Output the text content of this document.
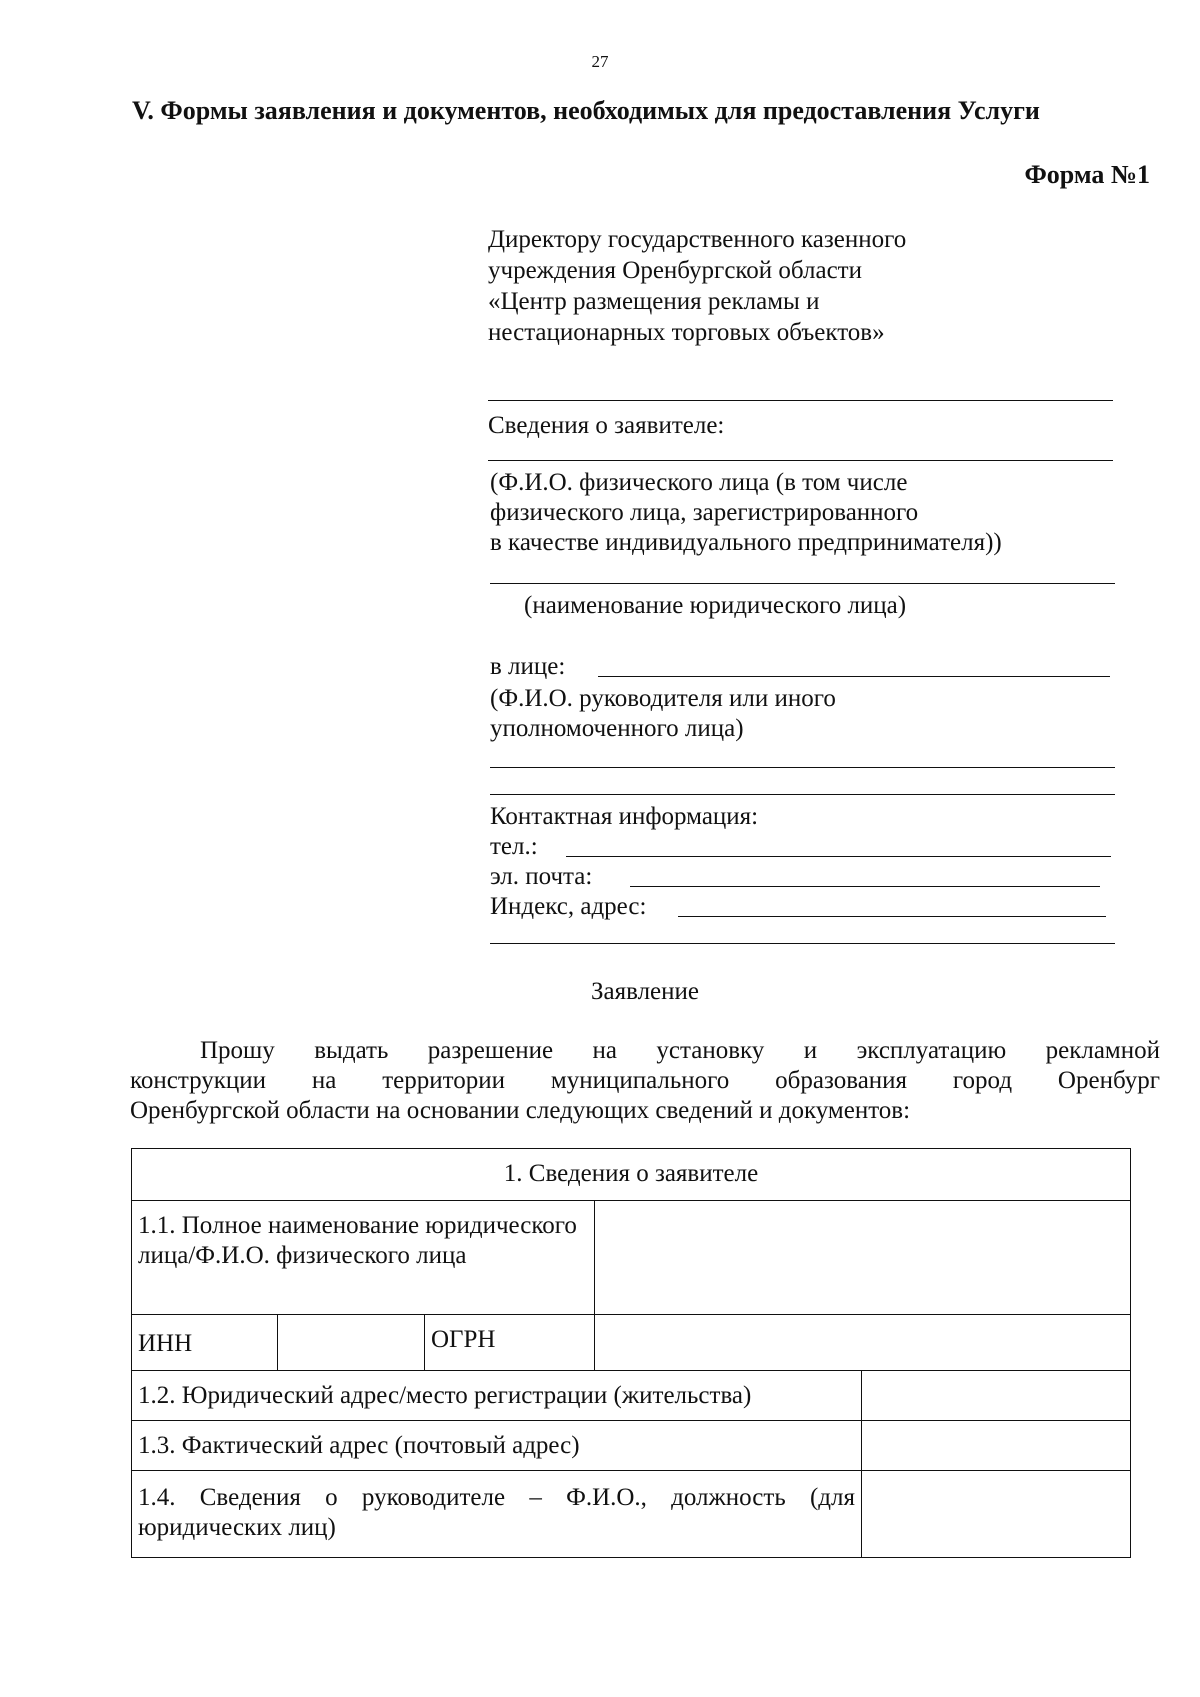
27
V. Формы заявления и документов, необходимых для предоставления Услуги
Форма №1
Директору государственного казенного
учреждения Оренбургской области
«Центр размещения рекламы и
нестационарных торговых объектов»
Сведения о заявителе:
(Ф.И.О. физического лица (в том числе
физического лица, зарегистрированного
в качестве индивидуального предпринимателя))
(наименование юридического лица)
в лице:
(Ф.И.О. руководителя или иного
уполномоченного лица)
Контактная информация:
тел.:
эл. почта:
Индекс, адрес:
Заявление
Прошу выдать разрешение на установку и эксплуатацию рекламной
конструкции на территории муниципального образования город Оренбург
Оренбургской области на основании следующих сведений и документов:
1. Сведения о заявителе
1.1. Полное наименование юридического лица/Ф.И.О. физического лица
ИНН	ОГРН
1.2. Юридический адрес/место регистрации (жительства)
1.3. Фактический адрес (почтовый адрес)
1.4. Сведения о руководителе – Ф.И.О., должность (для юридических лиц)
